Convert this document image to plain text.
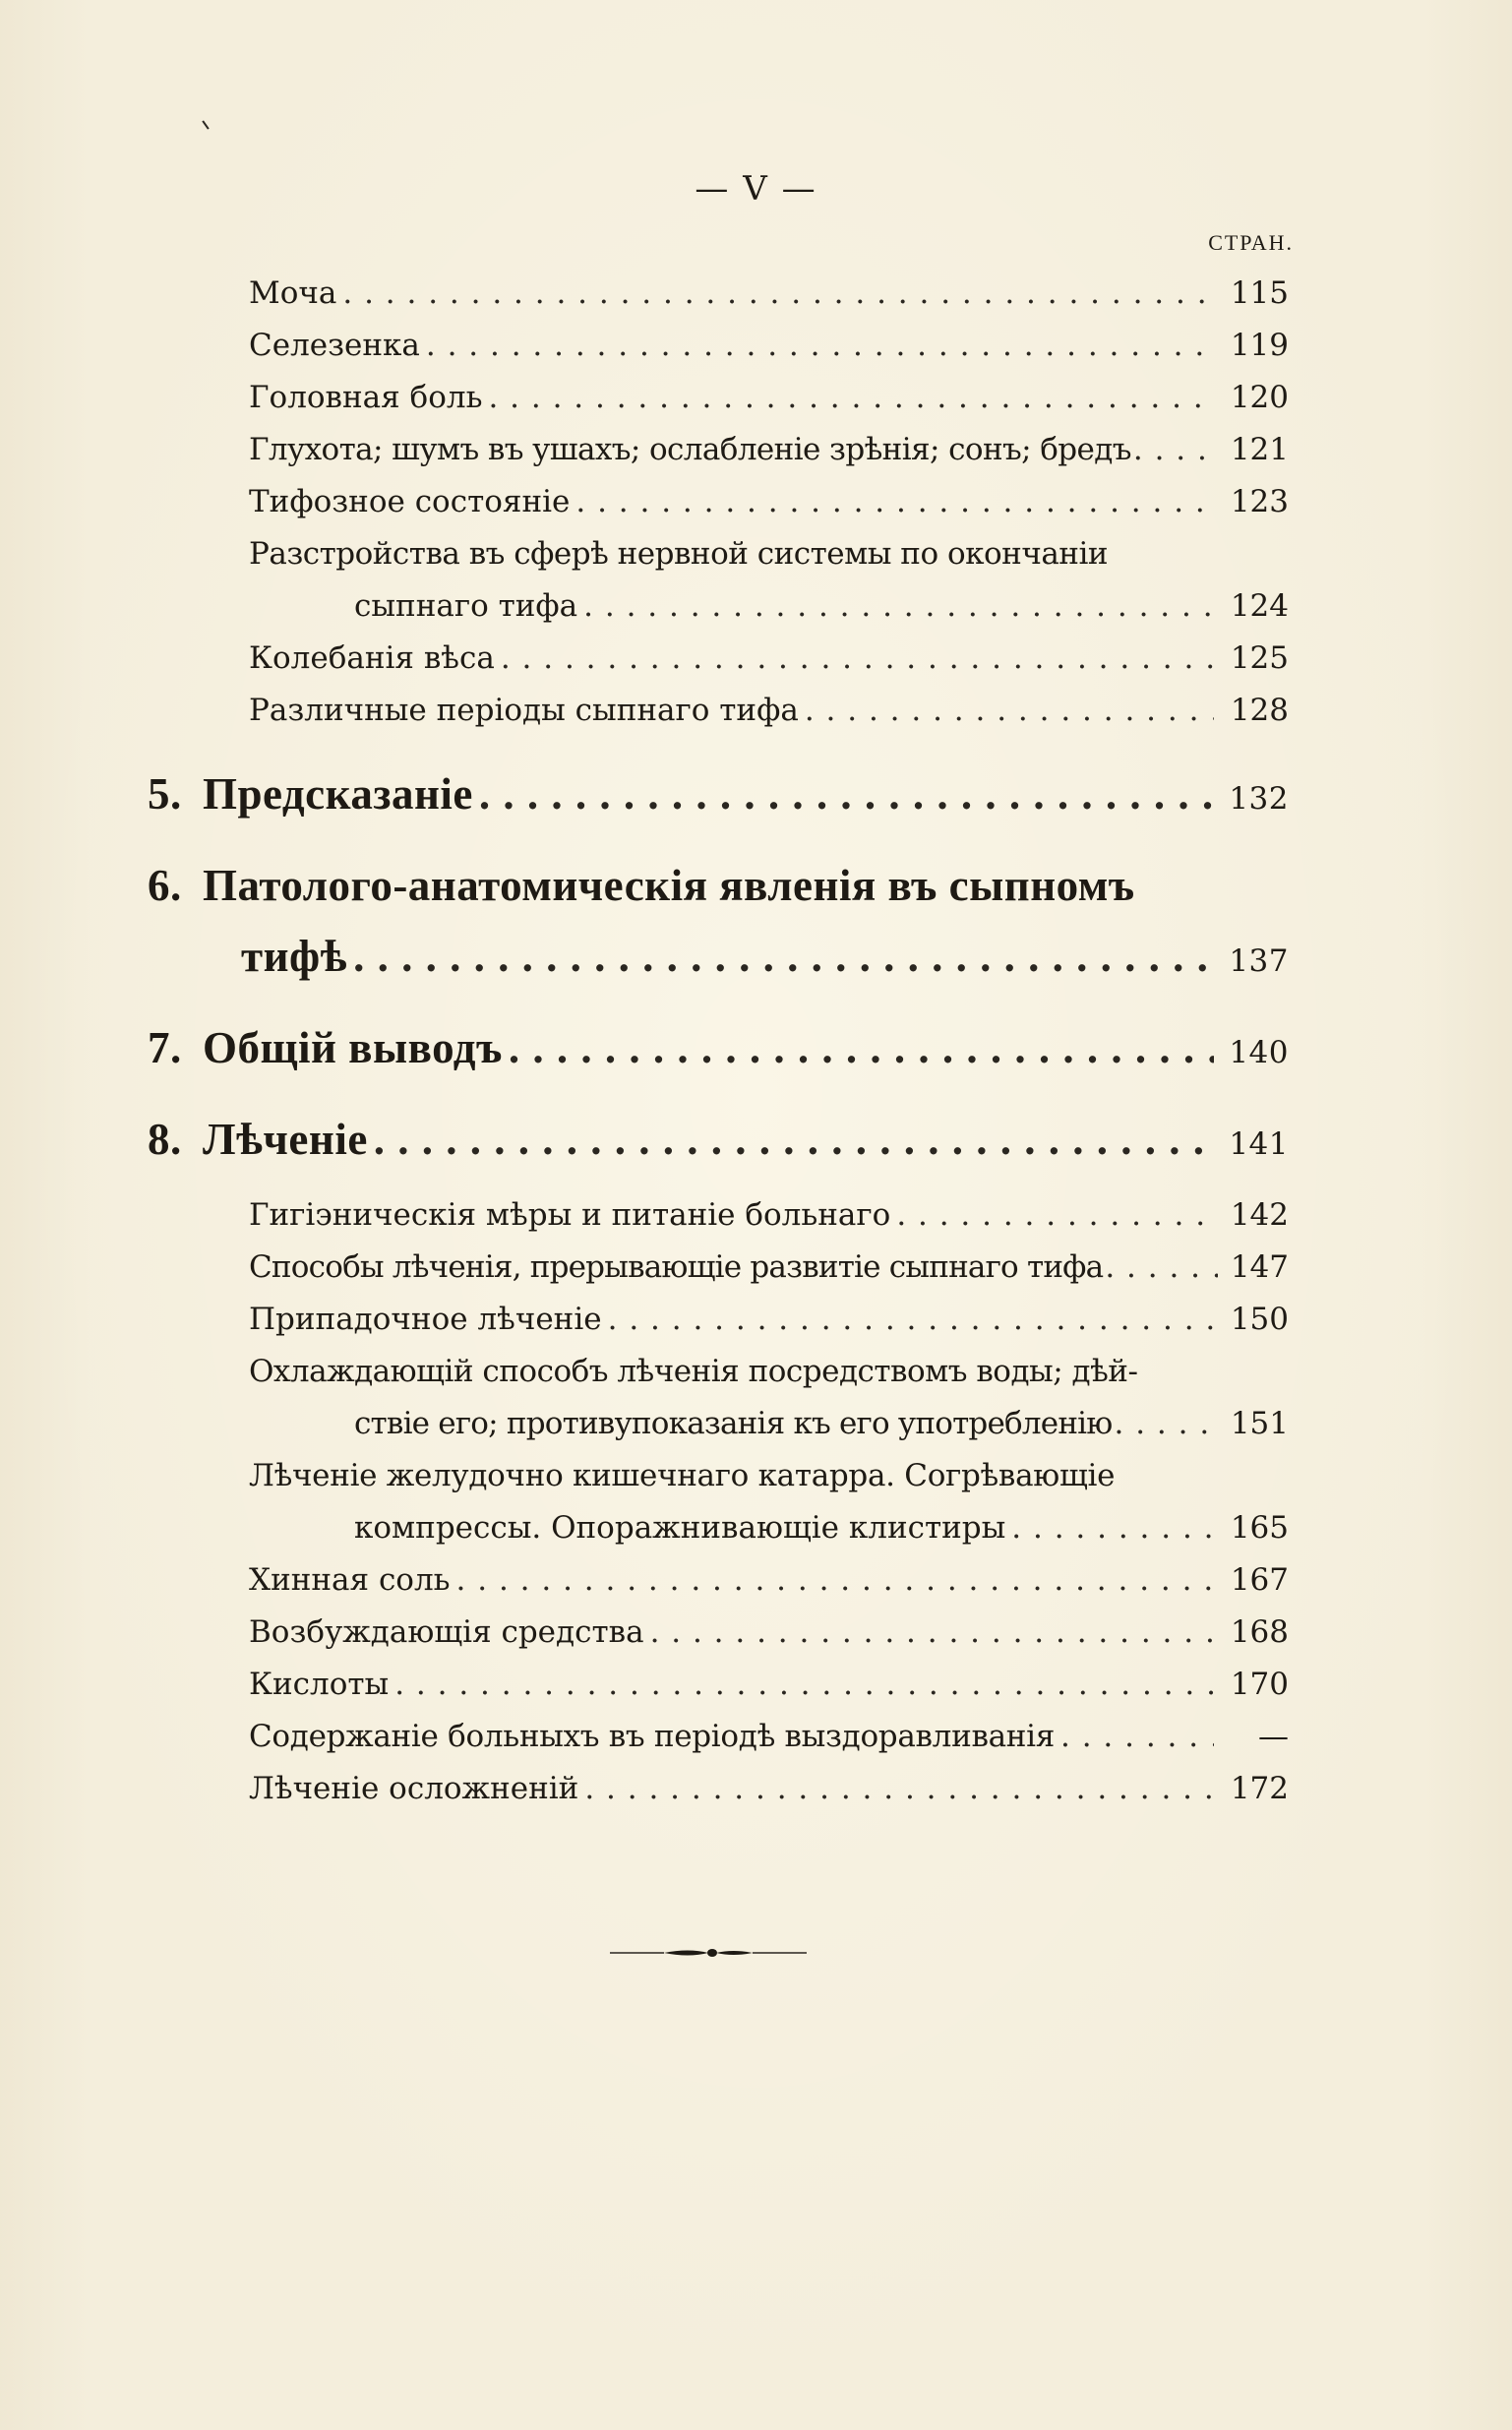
— V —
СТРАН.
Моча . . .	115
Селезенка . . .	119
Головная боль . . .	120
Глухота; шумъ въ ушахъ; ослабленіе зрѣнія; сонъ; бредъ . . .	121
Тифозное состояніе . . .	123
Разстройства въ сферѣ нервной системы по окончаніи
сыпнаго тифа . . .	124
Колебанія вѣса . . .	125
Различные періоды сыпнаго тифа . . .	128
5. Предсказаніе . . .	132
6. Патолого-анатомическія явленія въ сыпномъ
тифѣ . . .	137
7. Общій выводъ . . .	140
8. Лѣченіе . . .	141
Гигіэническія мѣры и питаніе больнаго . . .	142
Способы лѣченія, прерывающіе развитіе сыпнаго тифа . . .	147
Припадочное лѣченіе . . .	150
Охлаждающій способъ лѣченія посредствомъ воды; дѣй-
ствіе его; противупоказанія къ его употребленію . . .	151
Лѣченіе желудочно кишечнаго катарра. Согрѣвающіе
компрессы. Опоражнивающіе клистиры . . .	165
Хинная соль . . .	167
Возбуждающія средства . . .	168
Кислоты . . .	170
Содержаніе больныхъ въ періодѣ выздоравливанія . . .	—
Лѣченіе осложненій . . .	172
